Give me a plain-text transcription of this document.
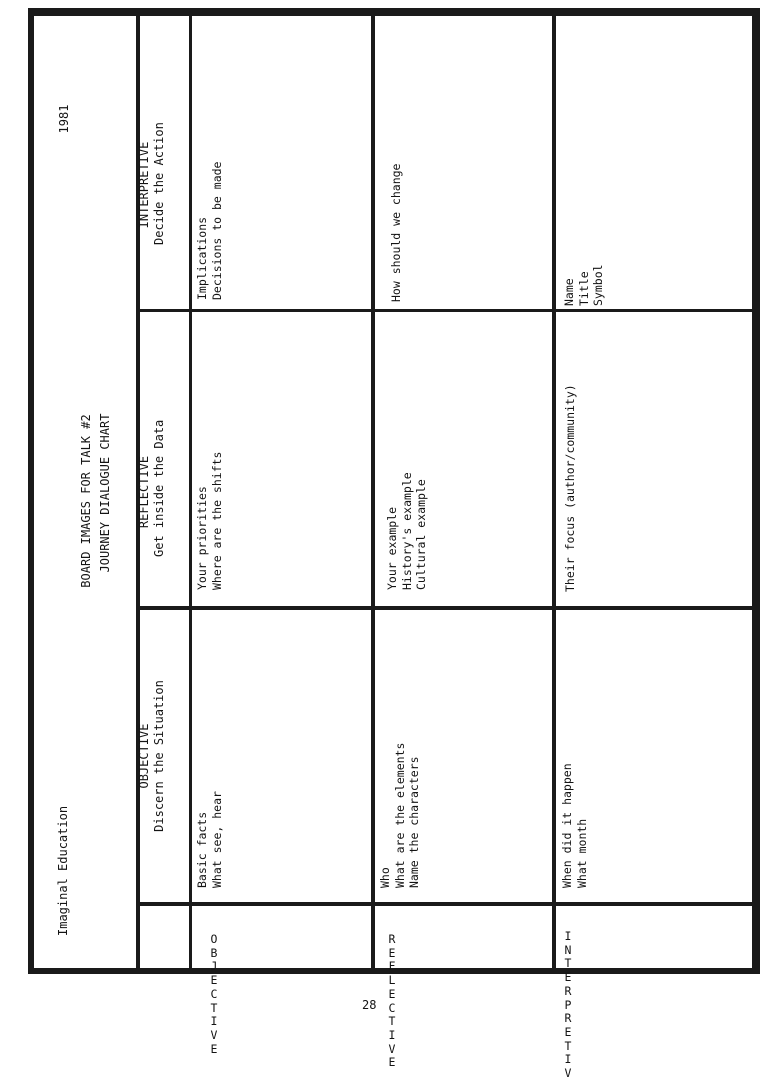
Imaginal Education
BOARD IMAGES FOR TALK #2 JOURNEY DIALOGUE CHART
1981
OBJECTIVE Discern the Situation
REFLECTIVE Get inside the Data
INTERPRETIVE Decide the Action
O
B
J
E
C
T
I
V
E
Basic facts What see, hear
Your priorities Where are the shifts
Implications Decisions to be made
R
E
F
L
E
C
T
I
V
E
Who What are the elements Name the characters
Your example History's example Cultural example
How should we change
I
N
T
E
R
P
R
E
T
I
V
When did it happen What month
Their focus (author/community)
Name Title Symbol
28
